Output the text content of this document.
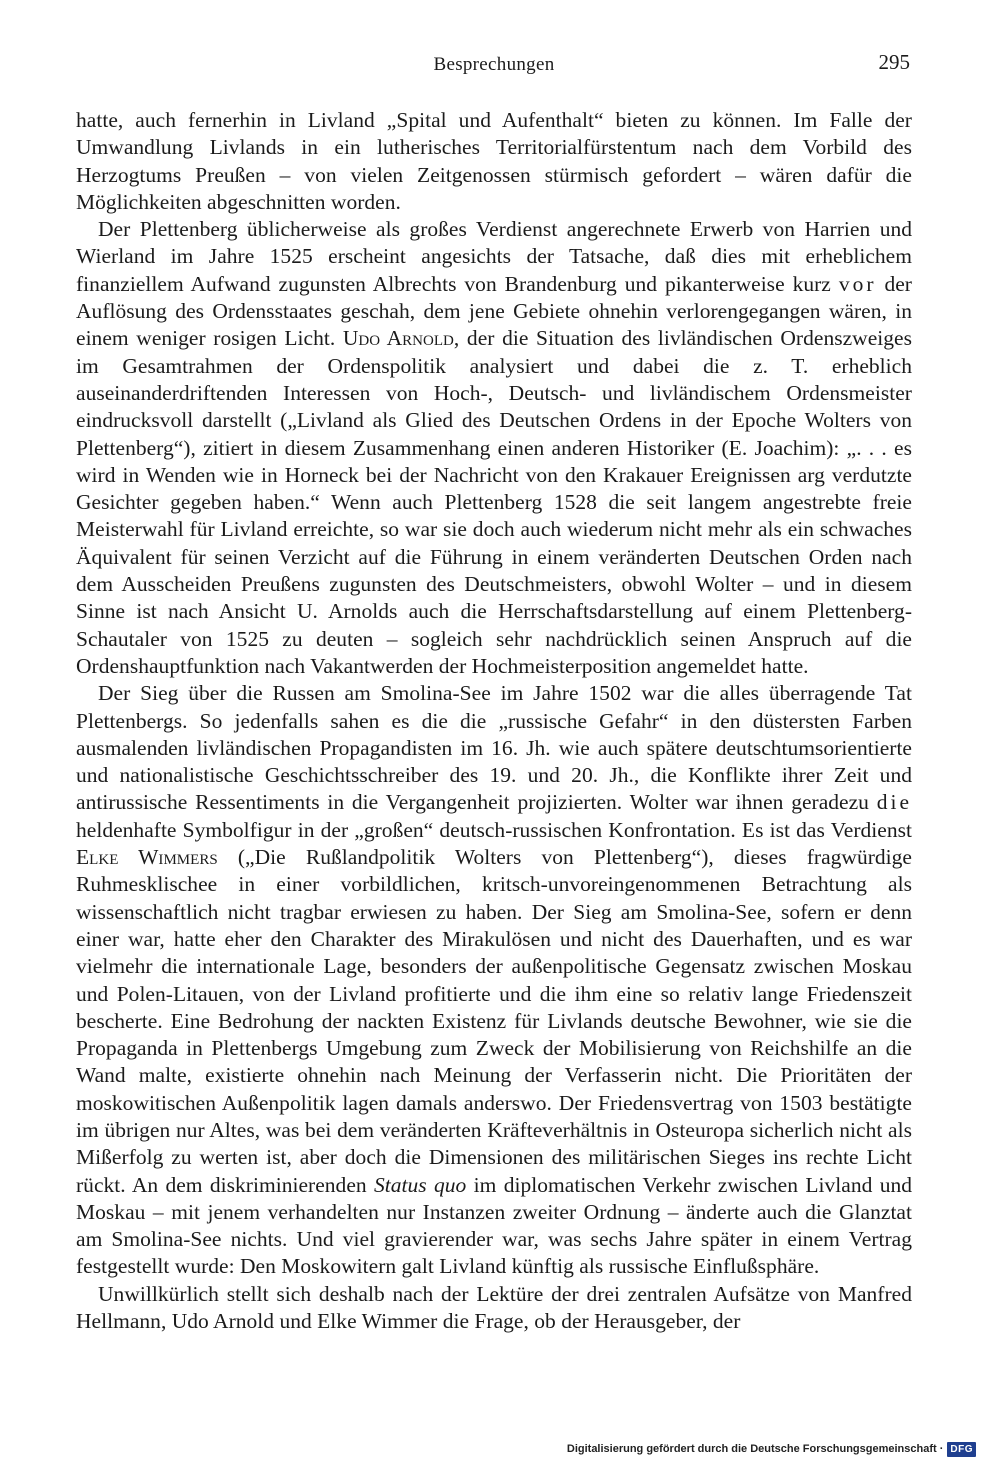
Besprechungen	295

hatte, auch fernerhin in Livland „Spital und Aufenthalt“ bieten zu können. Im Falle der Umwandlung Livlands in ein lutherisches Territorialfürstentum nach dem Vorbild des Herzogtums Preußen – von vielen Zeitgenossen stürmisch gefordert – wären dafür die Möglichkeiten abgeschnitten worden.

Der Plettenberg üblicherweise als großes Verdienst angerechnete Erwerb von Harrien und Wierland im Jahre 1525 erscheint angesichts der Tatsache, daß dies mit erheblichem finanziellem Aufwand zugunsten Albrechts von Brandenburg und pikanterweise kurz vor der Auflösung des Ordensstaates geschah, dem jene Gebiete ohnehin verlorengegangen wären, in einem weniger rosigen Licht. Udo Arnold, der die Situation des livländischen Ordenszweiges im Gesamtrahmen der Ordenspolitik analysiert und dabei die z. T. erheblich auseinanderdriftenden Interessen von Hoch-, Deutsch- und livländischem Ordensmeister eindrucksvoll darstellt („Livland als Glied des Deutschen Ordens in der Epoche Wolters von Plettenberg“), zitiert in diesem Zusammenhang einen anderen Historiker (E. Joachim): „. . . es wird in Wenden wie in Horneck bei der Nachricht von den Krakauer Ereignissen arg verdutzte Gesichter gegeben haben.“ Wenn auch Plettenberg 1528 die seit langem angestrebte freie Meisterwahl für Livland erreichte, so war sie doch auch wiederum nicht mehr als ein schwaches Äquivalent für seinen Verzicht auf die Führung in einem veränderten Deutschen Orden nach dem Ausscheiden Preußens zugunsten des Deutschmeisters, obwohl Wolter – und in diesem Sinne ist nach Ansicht U. Arnolds auch die Herrschaftsdarstellung auf einem Plettenberg-Schautaler von 1525 zu deuten – sogleich sehr nachdrücklich seinen Anspruch auf die Ordenshauptfunktion nach Vakantwerden der Hochmeisterposition angemeldet hatte.

Der Sieg über die Russen am Smolina-See im Jahre 1502 war die alles überragende Tat Plettenbergs. So jedenfalls sahen es die die „russische Gefahr“ in den düstersten Farben ausmalenden livländischen Propagandisten im 16. Jh. wie auch spätere deutschtumsorientierte und nationalistische Geschichtsschreiber des 19. und 20. Jh., die Konflikte ihrer Zeit und antirussische Ressentiments in die Vergangenheit projizierten. Wolter war ihnen geradezu die heldenhafte Symbolfigur in der „großen“ deutsch-russischen Konfrontation. Es ist das Verdienst Elke Wimmers („Die Rußlandpolitik Wolters von Plettenberg“), dieses fragwürdige Ruhmesklischee in einer vorbildlichen, kritsch-unvoreingenommenen Betrachtung als wissenschaftlich nicht tragbar erwiesen zu haben. Der Sieg am Smolina-See, sofern er denn einer war, hatte eher den Charakter des Mirakulösen und nicht des Dauerhaften, und es war vielmehr die internationale Lage, besonders der außenpolitische Gegensatz zwischen Moskau und Polen-Litauen, von der Livland profitierte und die ihm eine so relativ lange Friedenszeit bescherte. Eine Bedrohung der nackten Existenz für Livlands deutsche Bewohner, wie sie die Propaganda in Plettenbergs Umgebung zum Zweck der Mobilisierung von Reichshilfe an die Wand malte, existierte ohnehin nach Meinung der Verfasserin nicht. Die Prioritäten der moskowitischen Außenpolitik lagen damals anderswo. Der Friedensvertrag von 1503 bestätigte im übrigen nur Altes, was bei dem veränderten Kräfteverhältnis in Osteuropa sicherlich nicht als Mißerfolg zu werten ist, aber doch die Dimensionen des militärischen Sieges ins rechte Licht rückt. An dem diskriminierenden Status quo im diplomatischen Verkehr zwischen Livland und Moskau – mit jenem verhandelten nur Instanzen zweiter Ordnung – änderte auch die Glanztat am Smolina-See nichts. Und viel gravierender war, was sechs Jahre später in einem Vertrag festgestellt wurde: Den Moskowitern galt Livland künftig als russische Einflußsphäre.

Unwillkürlich stellt sich deshalb nach der Lektüre der drei zentralen Aufsätze von Manfred Hellmann, Udo Arnold und Elke Wimmer die Frage, ob der Herausgeber, der

Digitalisierung gefördert durch die Deutsche Forschungsgemeinschaft · DFG
